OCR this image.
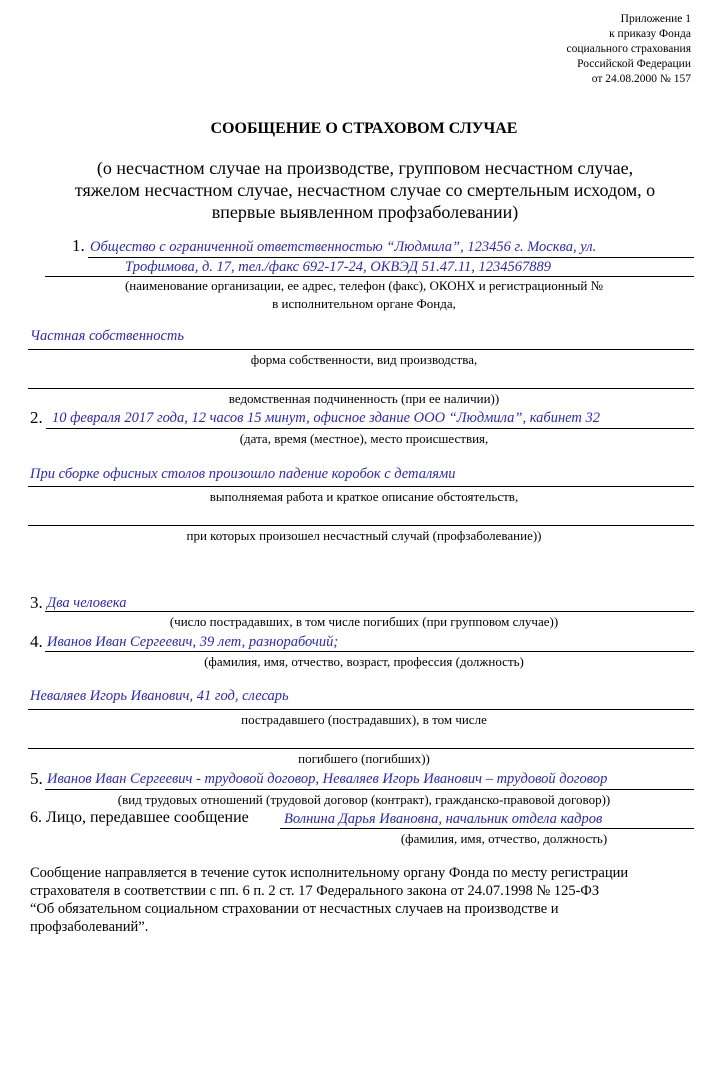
Приложение 1
к приказу Фонда
социального страхования
Российской Федерации
от 24.08.2000 № 157
СООБЩЕНИЕ О СТРАХОВОМ СЛУЧАЕ
(о несчастном случае на производстве, групповом несчастном случае,
тяжелом несчастном случае, несчастном случае со смертельным исходом, о
впервые выявленном профзаболевании)
1. Общество с ограниченной ответственностью “Людмила”, 123456 г. Москва, ул.
Трофимова, д. 17, тел./факс 692-17-24, ОКВЭД 51.47.11, 1234567889
(наименование организации, ее адрес, телефон (факс), ОКОНХ и регистрационный №
в исполнительном органе Фонда,
Частная собственность
форма собственности, вид производства,
ведомственная подчиненность (при ее наличии))
2. 10 февраля 2017 года, 12 часов 15 минут, офисное здание ООО “Людмила”, кабинет 32
(дата, время (местное), место происшествия,
При сборке офисных столов произошло падение коробок с деталями
выполняемая работа и краткое описание обстоятельств,
при которых произошел несчастный случай (профзаболевание))
3. Два человека
(число пострадавших, в том числе погибших (при групповом случае))
4. Иванов Иван Сергеевич, 39 лет, разнорабочий;
(фамилия, имя, отчество, возраст, профессия (должность)
Неваляев Игорь Иванович, 41 год, слесарь
пострадавшего (пострадавших), в том числе
погибшего (погибших))
5. Иванов Иван Сергеевич - трудовой договор, Неваляев Игорь Иванович – трудовой договор
(вид трудовых отношений (трудовой договор (контракт), гражданско-правовой договор))
6. Лицо, передавшее сообщение Волнина Дарья Ивановна, начальник отдела кадров
(фамилия, имя, отчество, должность)
Сообщение направляется в течение суток исполнительному органу Фонда по месту регистрации
страхователя в соответствии с пп. 6 п. 2 ст. 17 Федерального закона от 24.07.1998 № 125-ФЗ
“Об обязательном социальном страховании от несчастных случаев на производстве и
профзаболеваний”.
